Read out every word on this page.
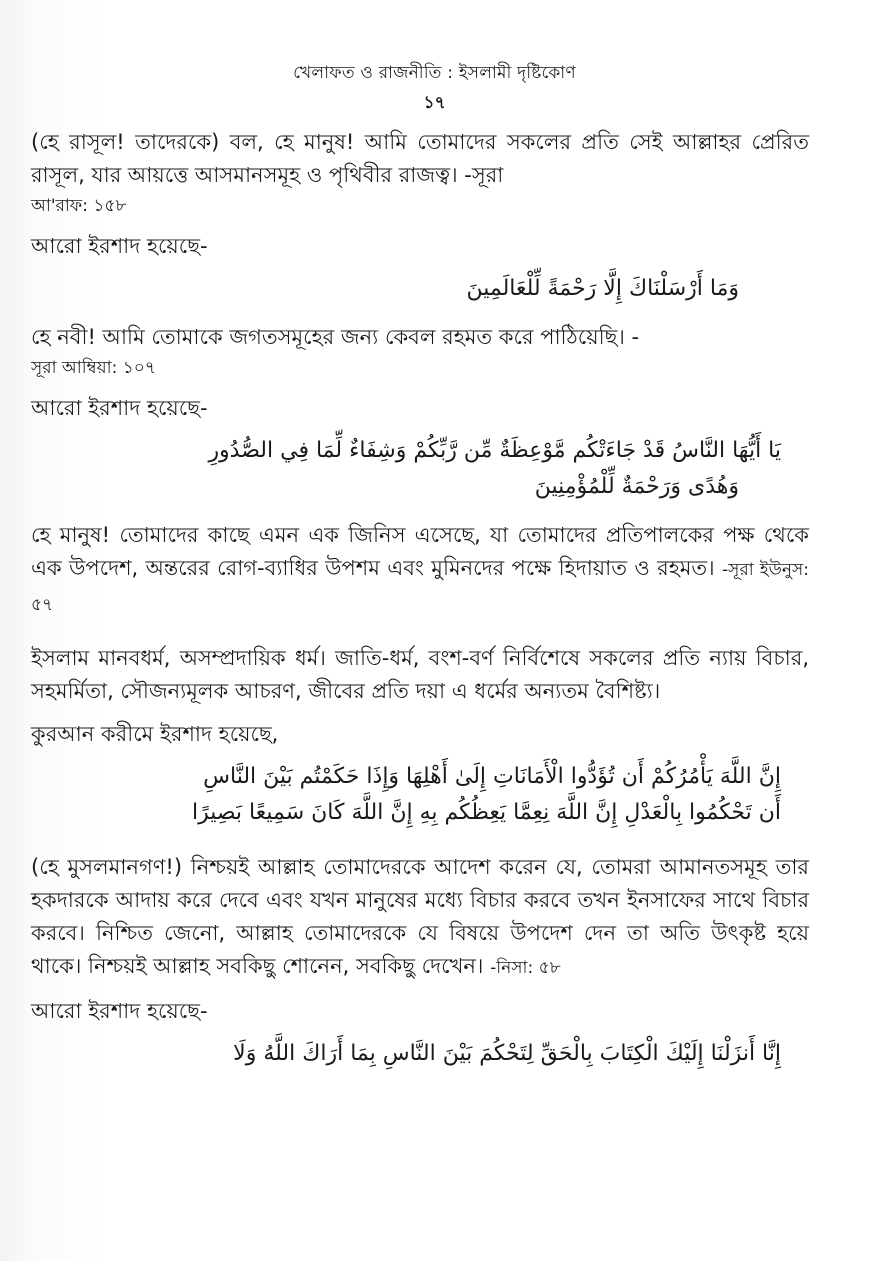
খেলাফত ও রাজনীতি : ইসলামী দৃষ্টিকোণ
১৭

(হে রাসূল! তাদেরকে) বল, হে মানুষ! আমি তোমাদের সকলের প্রতি সেই আল্লাহর প্রেরিত রাসূল, যার আয়ত্তে আসমানসমূহ ও পৃথিবীর রাজত্ব। -সূরা

আ'রাফ: ১৫৮

আরো ইরশাদ হয়েছে-

وَمَا أَرْسَلْنَاكَ إِلَّا رَحْمَةً لِّلْعَالَمِينَ

হে নবী! আমি তোমাকে জগতসমূহের জন্য কেবল রহমত করে পাঠিয়েছি। -

সূরা আম্বিয়া: ১০৭

আরো ইরশাদ হয়েছে-

يَا أَيُّهَا النَّاسُ قَدْ جَاءَتْكُم مَّوْعِظَةٌ مِّن رَّبِّكُمْ وَشِفَاءٌ لِّمَا فِي الصُّدُورِ

وَهُدًى وَرَحْمَةٌ لِّلْمُؤْمِنِينَ

হে মানুষ! তোমাদের কাছে এমন এক জিনিস এসেছে, যা তোমাদের প্রতিপালকের পক্ষ থেকে এক উপদেশ, অন্তরের রোগ-ব্যাধির উপশম এবং মুমিনদের পক্ষে হিদায়াত ও রহমত। -সূরা ইউনুস: ৫৭

ইসলাম মানবধর্ম, অসম্প্রদায়িক ধর্ম। জাতি-ধর্ম, বংশ-বর্ণ নির্বিশেষে সকলের প্রতি ন্যায় বিচার, সহমর্মিতা, সৌজন্যমূলক আচরণ, জীবের প্রতি দয়া এ ধর্মের অন্যতম বৈশিষ্ট্য।

কুরআন করীমে ইরশাদ হয়েছে,

إِنَّ اللَّهَ يَأْمُرُكُمْ أَن تُؤَدُّوا الْأَمَانَاتِ إِلَىٰ أَهْلِهَا وَإِذَا حَكَمْتُم بَيْنَ النَّاسِ

أَن تَحْكُمُوا بِالْعَدْلِ إِنَّ اللَّهَ نِعِمَّا يَعِظُكُم بِهِ إِنَّ اللَّهَ كَانَ سَمِيعًا بَصِيرًا

(হে মুসলমানগণ!) নিশ্চয়ই আল্লাহ তোমাদেরকে আদেশ করেন যে, তোমরা আমানতসমূহ তার হকদারকে আদায় করে দেবে এবং যখন মানুষের মধ্যে বিচার করবে তখন ইনসাফের সাথে বিচার করবে। নিশ্চিত জেনো, আল্লাহ তোমাদেরকে যে বিষয়ে উপদেশ দেন তা অতি উৎকৃষ্ট হয়ে থাকে। নিশ্চয়ই আল্লাহ সবকিছু শোনেন, সবকিছু দেখেন। -নিসা: ৫৮

আরো ইরশাদ হয়েছে-

إِنَّا أَنزَلْنَا إِلَيْكَ الْكِتَابَ بِالْحَقِّ لِتَحْكُمَ بَيْنَ النَّاسِ بِمَا أَرَاكَ اللَّهُ وَلَا
